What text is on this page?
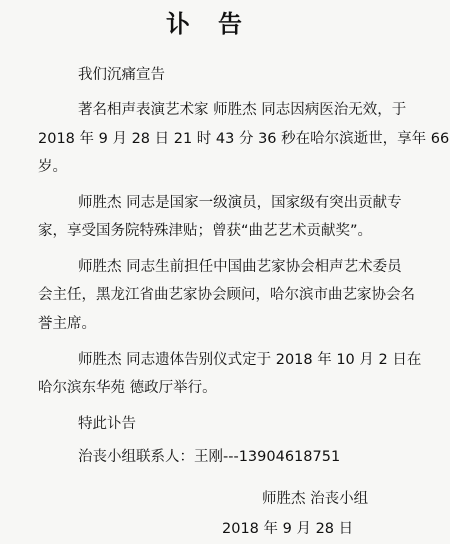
讣 告
我们沉痛宣告
著名相声表演艺术家 师胜杰 同志因病医治无效，于
2018 年 9 月 28 日 21 时 43 分 36 秒在哈尔滨逝世，享年 66
岁。
师胜杰 同志是国家一级演员，国家级有突出贡献专
家，享受国务院特殊津贴；曾获“曲艺艺术贡献奖”。
师胜杰 同志生前担任中国曲艺家协会相声艺术委员
会主任，黑龙江省曲艺家协会顾问，哈尔滨市曲艺家协会名
誉主席。
师胜杰 同志遗体告别仪式定于 2018 年 10 月 2 日在
哈尔滨东华苑 德政厅举行。
特此讣告
治丧小组联系人：王刚---13904618751
师胜杰 治丧小组
2018 年 9 月 28 日
